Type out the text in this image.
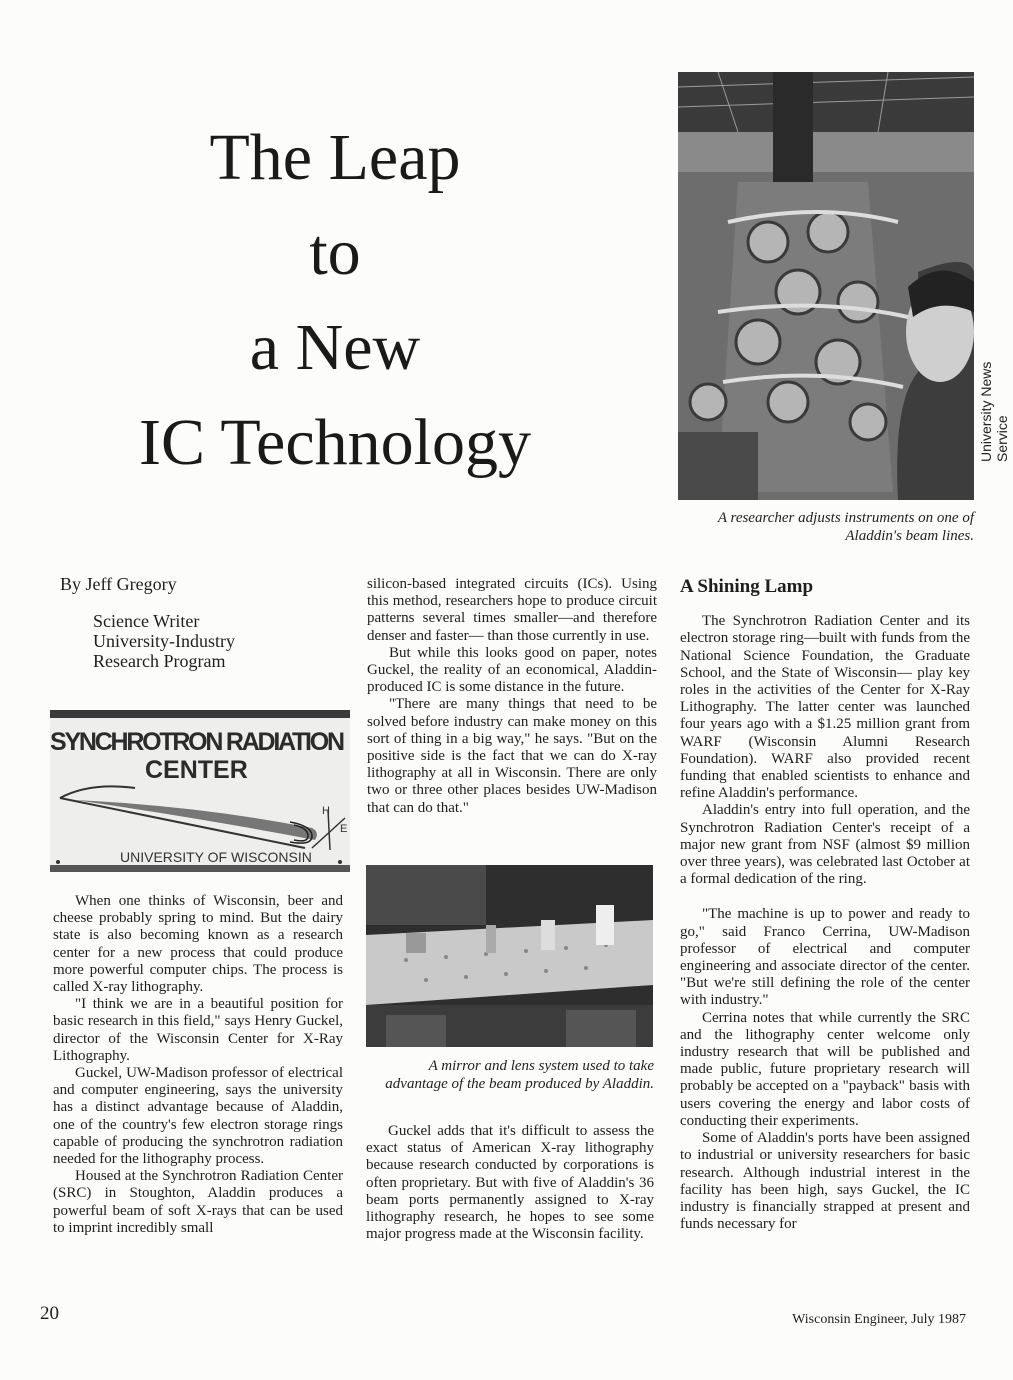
The Leap
to
a New
IC Technology	University News Service
A researcher adjusts instruments on one of Aladdin's beam lines.
By Jeff Gregory
Science Writer
University-Industry
Research Program
SYNCHROTRON RADIATION
CENTER
H
E
UNIVERSITY OF WISCONSIN

When one thinks of Wisconsin, beer and cheese probably spring to mind. But the dairy state is also becoming known as a research center for a new process that could produce more powerful computer chips. The process is called X-ray lithography.

"I think we are in a beautiful position for basic research in this field," says Henry Guckel, director of the Wisconsin Center for X-Ray Lithography.

Guckel, UW-Madison professor of electrical and computer engineering, says the university has a distinct advantage because of Aladdin, one of the country's few electron storage rings capable of producing the synchrotron radiation needed for the lithography process.

Housed at the Synchrotron Radiation Center (SRC) in Stoughton, Aladdin produces a powerful beam of soft X-rays that can be used to imprint incredibly small

silicon-based integrated circuits (ICs). Using this method, researchers hope to produce circuit patterns several times smaller—and therefore denser and faster— than those currently in use.

But while this looks good on paper, notes Guckel, the reality of an economical, Aladdin-produced IC is some distance in the future.

"There are many things that need to be solved before industry can make money on this sort of thing in a big way," he says. "But on the positive side is the fact that we can do X-ray lithography at all in Wisconsin. There are only two or three other places besides UW-Madison that can do that."

A mirror and lens system used to take advantage of the beam produced by Aladdin.

Guckel adds that it's difficult to assess the exact status of American X-ray lithography because research conducted by corporations is often proprietary. But with five of Aladdin's 36 beam ports permanently assigned to X-ray lithography research, he hopes to see some major progress made at the Wisconsin facility.

A Shining Lamp

The Synchrotron Radiation Center and its electron storage ring—built with funds from the National Science Foundation, the Graduate School, and the State of Wisconsin— play key roles in the activities of the Center for X-Ray Lithography. The latter center was launched four years ago with a $1.25 million grant from WARF (Wisconsin Alumni Research Foundation). WARF also provided recent funding that enabled scientists to enhance and refine Aladdin's performance.

Aladdin's entry into full operation, and the Synchrotron Radiation Center's receipt of a major new grant from NSF (almost $9 million over three years), was celebrated last October at a formal dedication of the ring.

"The machine is up to power and ready to go," said Franco Cerrina, UW-Madison professor of electrical and computer engineering and associate director of the center. "But we're still defining the role of the center with industry."

Cerrina notes that while currently the SRC and the lithography center welcome only industry research that will be published and made public, future proprietary research will probably be accepted on a "payback" basis with users covering the energy and labor costs of conducting their experiments.

Some of Aladdin's ports have been assigned to industrial or university researchers for basic research. Although industrial interest in the facility has been high, says Guckel, the IC industry is financially strapped at present and funds necessary for

20	Wisconsin Engineer, July 1987
